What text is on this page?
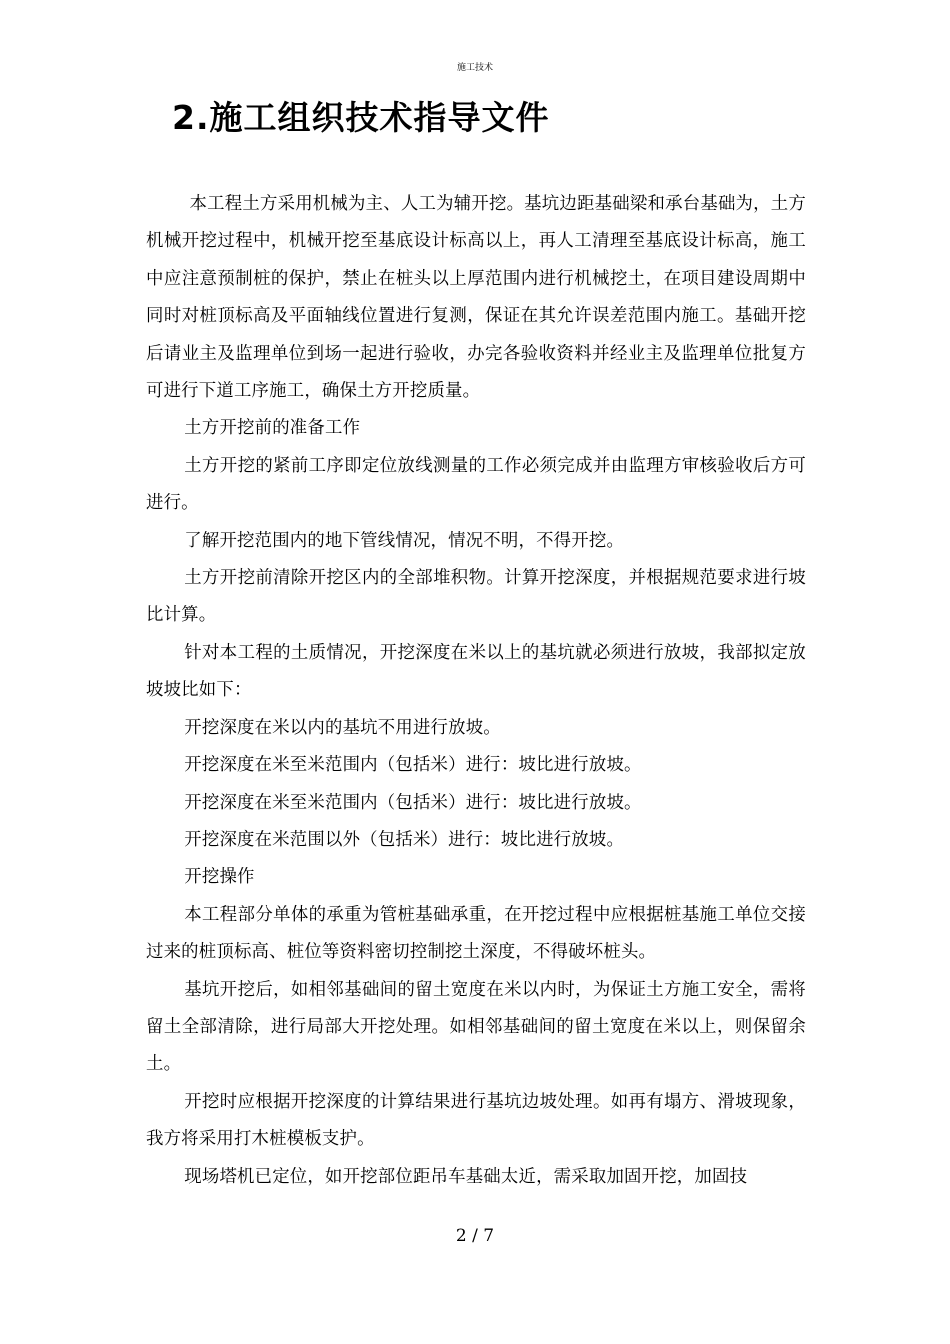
施工技术
2.施工组织技术指导文件

本工程土方采用机械为主、人工为辅开挖。基坑边距基础梁和承台基础为，土方机械开挖过程中，机械开挖至基底设计标高以上，再人工清理至基底设计标高，施工中应注意预制桩的保护，禁止在桩头以上厚范围内进行机械挖土，在项目建设周期中同时对桩顶标高及平面轴线位置进行复测，保证在其允许误差范围内施工。基础开挖后请业主及监理单位到场一起进行验收，办完各验收资料并经业主及监理单位批复方可进行下道工序施工，确保土方开挖质量。

土方开挖前的准备工作

土方开挖的紧前工序即定位放线测量的工作必须完成并由监理方审核验收后方可进行。

了解开挖范围内的地下管线情况，情况不明，不得开挖。

土方开挖前清除开挖区内的全部堆积物。计算开挖深度，并根据规范要求进行坡比计算。

针对本工程的土质情况，开挖深度在米以上的基坑就必须进行放坡，我部拟定放坡坡比如下：

开挖深度在米以内的基坑不用进行放坡。

开挖深度在米至米范围内（包括米）进行：坡比进行放坡。

开挖深度在米至米范围内（包括米）进行：坡比进行放坡。

开挖深度在米范围以外（包括米）进行：坡比进行放坡。

开挖操作

本工程部分单体的承重为管桩基础承重，在开挖过程中应根据桩基施工单位交接过来的桩顶标高、桩位等资料密切控制挖土深度，不得破坏桩头。

基坑开挖后，如相邻基础间的留土宽度在米以内时，为保证土方施工安全，需将留土全部清除，进行局部大开挖处理。如相邻基础间的留土宽度在米以上，则保留余土。

开挖时应根据开挖深度的计算结果进行基坑边坡处理。如再有塌方、滑坡现象，我方将采用打木桩模板支护。

现场塔机已定位，如开挖部位距吊车基础太近，需采取加固开挖，加固技

2 / 7
